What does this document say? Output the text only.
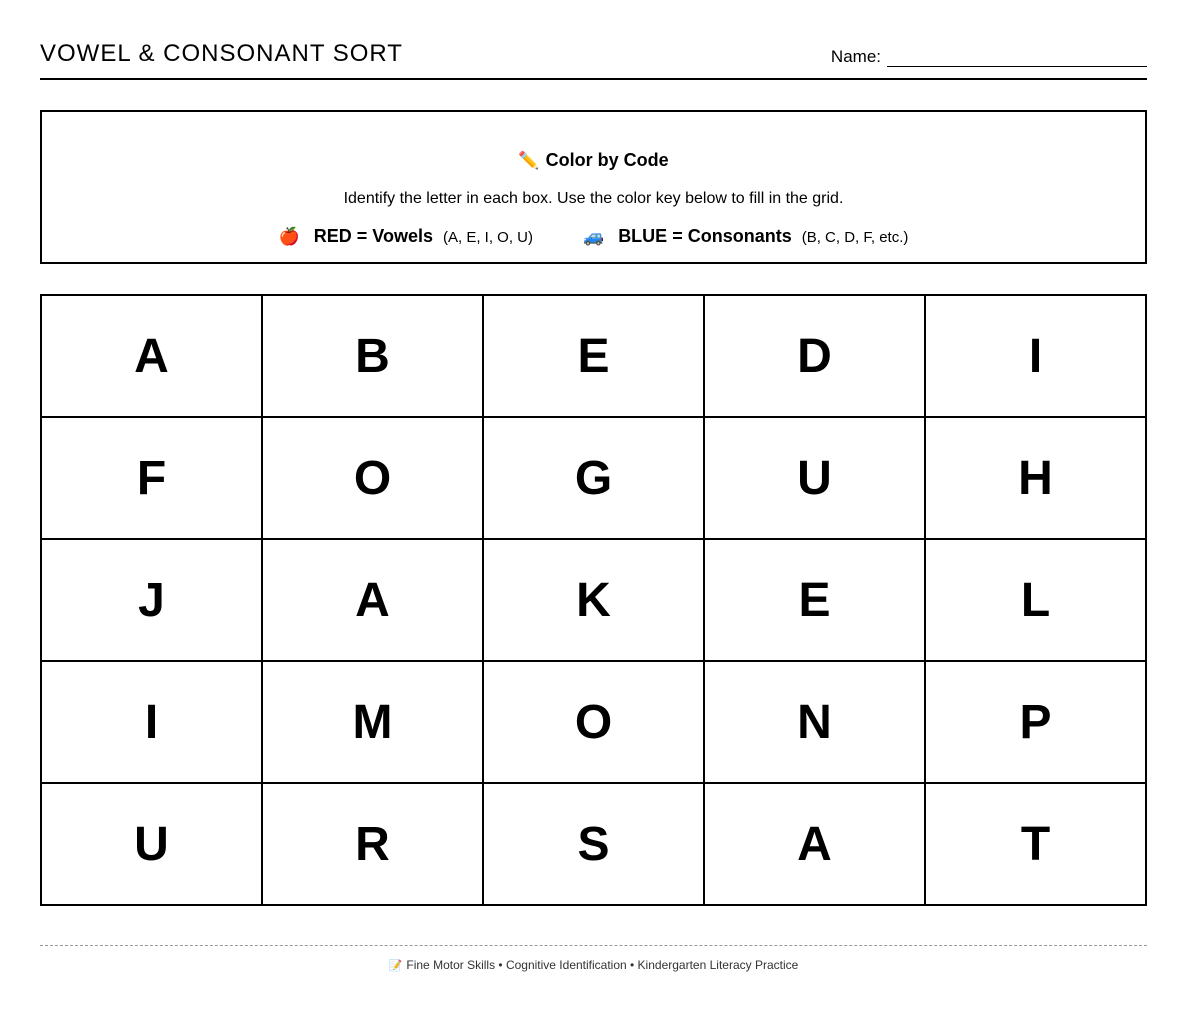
VOWEL & CONSONANT SORT	Name:
✏️ Color by Code
Identify the letter in each box. Use the color key below to fill in the grid.
🍎 RED = Vowels (A, E, I, O, U)	🚙 BLUE = Consonants (B, C, D, F, etc.)
A	B	E	D	I
F	O	G	U	H
J	A	K	E	L
I	M	O	N	P
U	R	S	A	T
📝 Fine Motor Skills • Cognitive Identification • Kindergarten Literacy Practice
